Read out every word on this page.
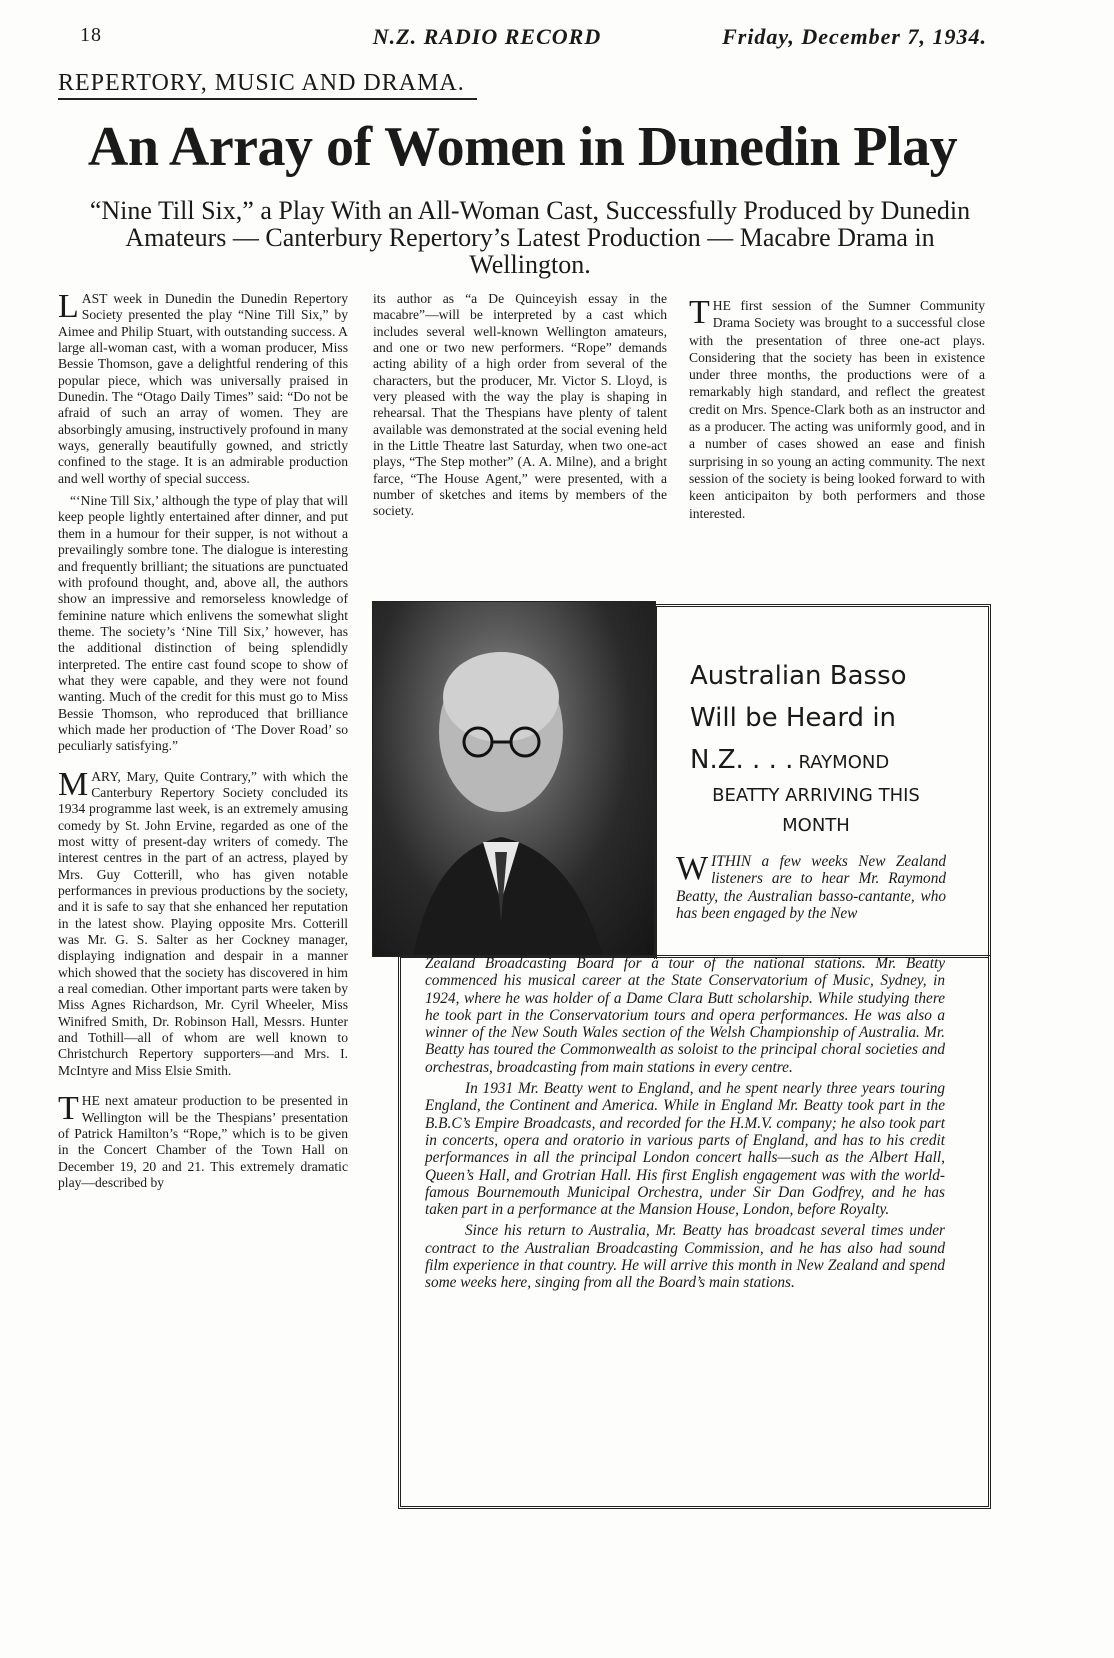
18	N.Z. RADIO RECORD	Friday, December 7, 1934.
REPERTORY, MUSIC AND DRAMA.
An Array of Women in Dunedin Play
“Nine Till Six,” a Play With an All-Woman Cast, Successfully Produced by Dunedin Amateurs — Canterbury Repertory’s Latest Production — Macabre Drama in Wellington.

LAST week in Dunedin the Dunedin Repertory Society presented the play “Nine Till Six,” by Aimee and Philip Stuart, with outstanding success. A large all-woman cast, with a woman producer, Miss Bessie Thomson, gave a delightful rendering of this popular piece, which was universally praised in Dunedin. The “Otago Daily Times” said: “Do not be afraid of such an array of women. They are absorbingly amusing, instructively profound in many ways, generally beautifully gowned, and strictly confined to the stage. It is an admirable production and well worthy of special success.

“‘Nine Till Six,’ although the type of play that will keep people lightly entertained after dinner, and put them in a humour for their supper, is not without a prevailingly sombre tone. The dialogue is interesting and frequently brilliant; the situations are punctuated with profound thought, and, above all, the authors show an impressive and remorseless knowledge of feminine nature which enlivens the somewhat slight theme. The society’s ‘Nine Till Six,’ however, has the additional distinction of being splendidly interpreted. The entire cast found scope to show of what they were capable, and they were not found wanting. Much of the credit for this must go to Miss Bessie Thomson, who reproduced that brilliance which made her production of ‘The Dover Road’ so peculiarly satisfying.”

MARY, Mary, Quite Contrary,” with which the Canterbury Repertory Society concluded its 1934 programme last week, is an extremely amusing comedy by St. John Ervine, regarded as one of the most witty of present-day writers of comedy. The interest centres in the part of an actress, played by Mrs. Guy Cotterill, who has given notable performances in previous productions by the society, and it is safe to say that she enhanced her reputation in the latest show. Playing opposite Mrs. Cotterill was Mr. G. S. Salter as her Cockney manager, displaying indignation and despair in a manner which showed that the society has discovered in him a real comedian. Other important parts were taken by Miss Agnes Richardson, Mr. Cyril Wheeler, Miss Winifred Smith, Dr. Robinson Hall, Messrs. Hunter and Tothill—all of whom are well known to Christchurch Repertory supporters—and Mrs. I. McIntyre and Miss Elsie Smith.

THE next amateur production to be presented in Wellington will be the Thespians’ presentation of Patrick Hamilton’s “Rope,” which is to be given in the Concert Chamber of the Town Hall on December 19, 20 and 21. This extremely dramatic play—described by

its author as “a De Quinceyish essay in the macabre”—will be interpreted by a cast which includes several well-known Wellington amateurs, and one or two new performers. “Rope” demands acting ability of a high order from several of the characters, but the producer, Mr. Victor S. Lloyd, is very pleased with the way the play is shaping in rehearsal. That the Thespians have plenty of talent available was demonstrated at the social evening held in the Little Theatre last Saturday, when two one-act plays, “The Step mother” (A. A. Milne), and a bright farce, “The House Agent,” were presented, with a number of sketches and items by members of the society.

THE first session of the Sumner Community Drama Society was brought to a successful close with the presentation of three one-act plays. Considering that the society has been in existence under three months, the productions were of a remarkably high standard, and reflect the greatest credit on Mrs. Spence-Clark both as an instructor and as a producer. The acting was uniformly good, and in a number of cases showed an ease and finish surprising in so young an acting community. The next session of the society is being looked forward to with keen anticipaiton by both performers and those interested.

Australian Basso
Will be Heard in
N.Z. . . . RAYMOND
BEATTY ARRIVING THIS
MONTH

WITHIN a few weeks New Zealand listeners are to hear Mr. Raymond Beatty, the Australian basso-cantante, who has been engaged by the New

Zealand Broadcasting Board for a tour of the national stations. Mr. Beatty commenced his musical career at the State Conservatorium of Music, Sydney, in 1924, where he was holder of a Dame Clara Butt scholarship. While studying there he took part in the Conservatorium tours and opera performances. He was also a winner of the New South Wales section of the Welsh Championship of Australia. Mr. Beatty has toured the Commonwealth as soloist to the principal choral societies and orchestras, broadcasting from main stations in every centre.

In 1931 Mr. Beatty went to England, and he spent nearly three years touring England, the Continent and America. While in England Mr. Beatty took part in the B.B.C’s Empire Broadcasts, and recorded for the H.M.V. company; he also took part in concerts, opera and oratorio in various parts of England, and has to his credit performances in all the principal London concert halls—such as the Albert Hall, Queen’s Hall, and Grotrian Hall. His first English engagement was with the world-famous Bournemouth Municipal Orchestra, under Sir Dan Godfrey, and he has taken part in a performance at the Mansion House, London, before Royalty.

Since his return to Australia, Mr. Beatty has broadcast several times under contract to the Australian Broadcasting Commission, and he has also had sound film experience in that country. He will arrive this month in New Zealand and spend some weeks here, singing from all the Board’s main stations.
